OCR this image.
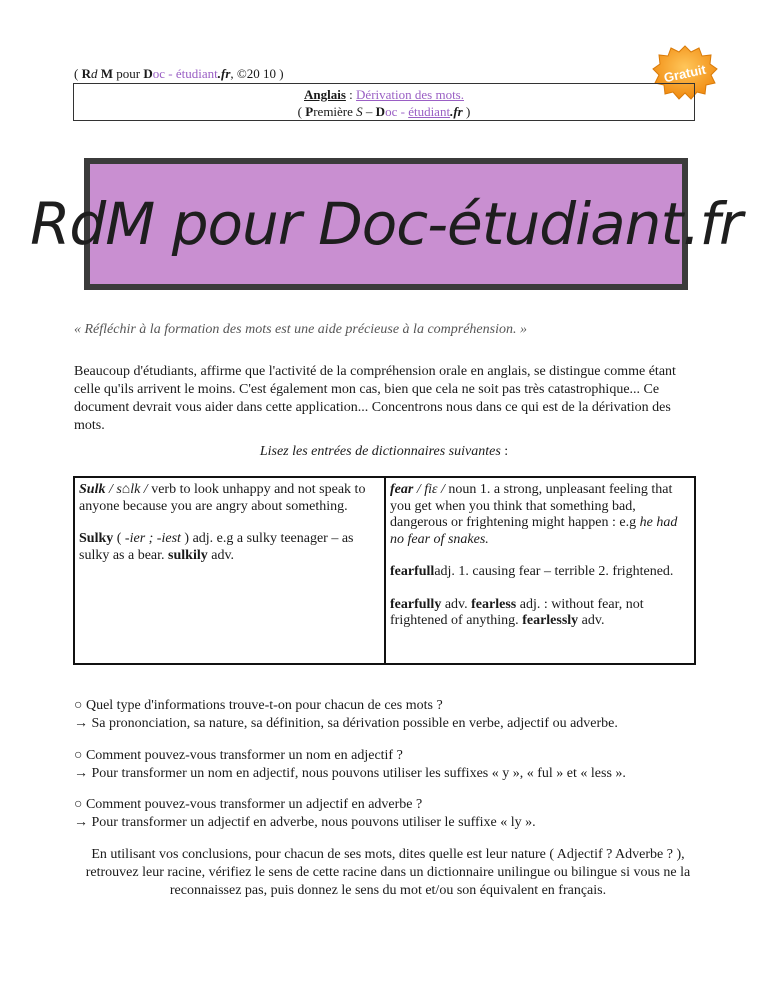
( Rd M pour Doc - étudiant.fr, ©20 10 )	Gratuit
Anglais : Dérivation des mots.
( Première S – Doc - étudiant.fr )
RdM pour Doc-étudiant.fr
« Réfléchir à la formation des mots est une aide précieuse à la compréhension. »
Beaucoup d'étudiants, affirme que l'activité de la compréhension orale en anglais, se distingue comme étant celle qu'ils arrivent le moins. C'est également mon cas, bien que cela ne soit pas très catastrophique... Ce document devrait vous aider dans cette application... Concentrons nous dans ce qui est de la dérivation des mots.
Lisez les entrées de dictionnaires suivantes :

Sulk / s⌂lk / verb to look unhappy and not speak to anyone because you are angry about something.

Sulky ( -ier ; -iest ) adj. e.g a sulky teenager – as sulky as a bear. sulkily adv.

fear / fiɛ / noun 1. a strong, unpleasant feeling that you get when you think that something bad, dangerous or frightening might happen : e.g he had no fear of snakes.

fearfulladj. 1. causing fear – terrible 2. frightened.

fearfully adv. fearless adj. : without fear, not frightened of anything. fearlessly adv.

○ Quel type d'informations trouve-t-on pour chacun de ces mots ?

→ Sa prononciation, sa nature, sa définition, sa dérivation possible en verbe, adjectif ou adverbe.

○ Comment pouvez-vous transformer un nom en adjectif ?

→ Pour transformer un nom en adjectif, nous pouvons utiliser les suffixes « y », « ful » et « less ».

○ Comment pouvez-vous transformer un adjectif en adverbe ?

→ Pour transformer un adjectif en adverbe, nous pouvons utiliser le suffixe « ly ».

En utilisant vos conclusions, pour chacun de ses mots, dites quelle est leur nature ( Adjectif ? Adverbe ? ), retrouvez leur racine, vérifiez le sens de cette racine dans un dictionnaire unilingue ou bilingue si vous ne la reconnaissez pas, puis donnez le sens du mot et/ou son équivalent en français.
